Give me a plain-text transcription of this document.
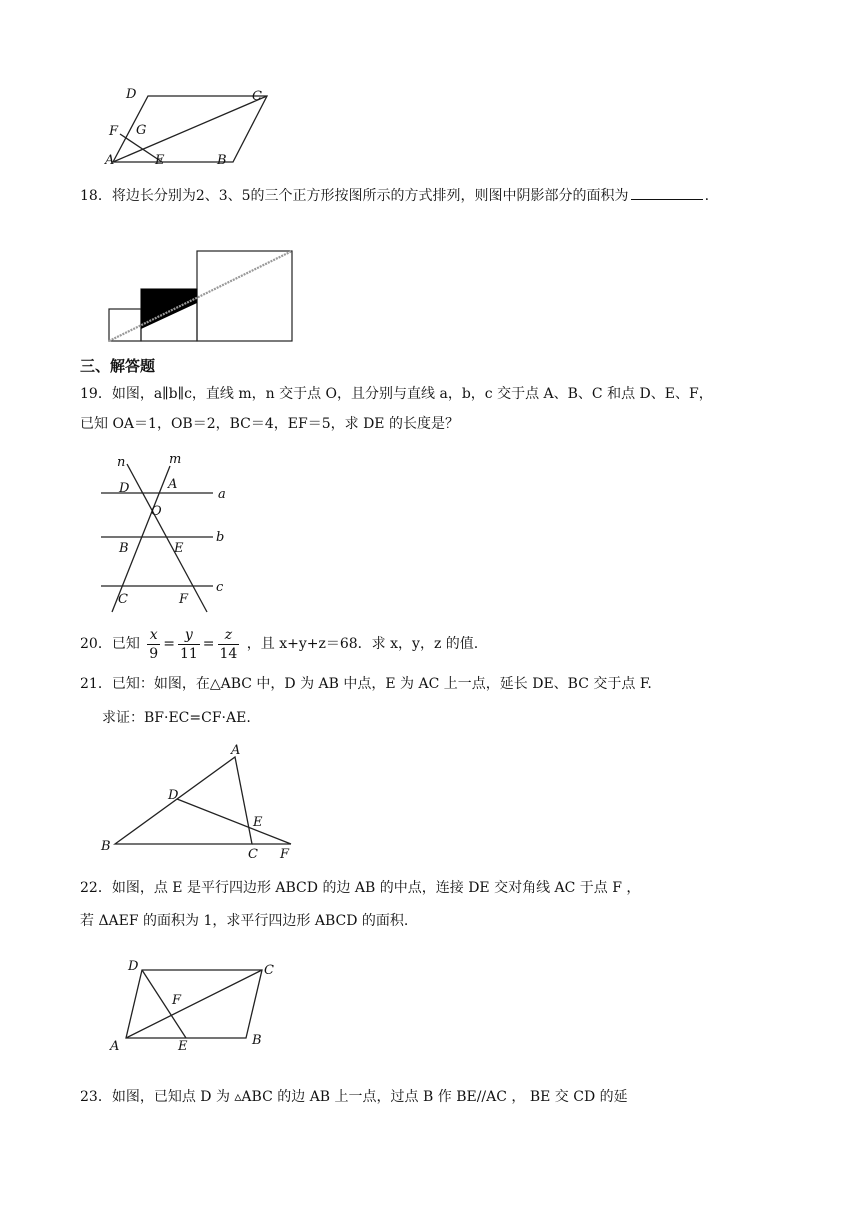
D	C
F G
A	E	B
18．将边长分别为2、3、5的三个正方形按图所示的方式排列，则图中阴影部分的面积为	.
三、解答题
19．如图，a∥b∥c，直线 m，n 交于点 O，且分别与直线 a，b，c 交于点 A、B、C 和点 D、E、F，
已知 OA＝1，OB＝2，BC＝4，EF＝5，求 DE 的长度是？
n	m
D	A
a
O
B	E
b
C	F
c
20．已知 $\frac{x}{9} = \frac{y}{11} = \frac{z}{14}$ ，且 x+y+z＝68．求 x，y，z 的值.
21．已知：如图，在△ABC 中，D 为 AB 中点，E 为 AC 上一点，延长 DE、BC 交于点 F.
求证：BF·EC=CF·AE.
A
D
E
B
C F
22．如图，点 E 是平行四边形 ABCD 的边 AB 的中点，连接 DE 交对角线 AC 于点 F ，
若 ΔAEF 的面积为 1，求平行四边形 ABCD 的面积.
D	C
F
A	E	B
23．如图，已知点 D 为 ▵ABC 的边 AB 上一点，过点 B 作 BE//AC ， BE 交 CD 的延
